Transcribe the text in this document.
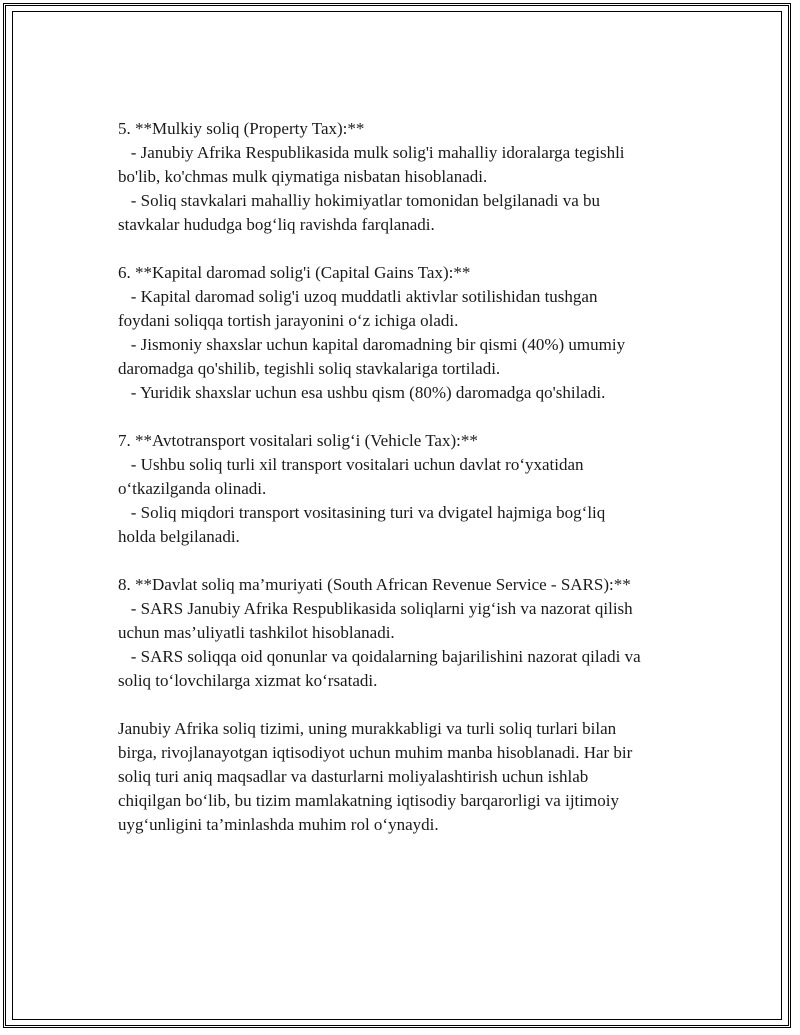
5. **Mulkiy soliq (Property Tax):**
- Janubiy Afrika Respublikasida mulk solig'i mahalliy idoralarga tegishli
bo'lib, ko'chmas mulk qiymatiga nisbatan hisoblanadi.
- Soliq stavkalari mahalliy hokimiyatlar tomonidan belgilanadi va bu
stavkalar hududga bog‘liq ravishda farqlanadi.
6. **Kapital daromad solig'i (Capital Gains Tax):**
- Kapital daromad solig'i uzoq muddatli aktivlar sotilishidan tushgan
foydani soliqqa tortish jarayonini o‘z ichiga oladi.
- Jismoniy shaxslar uchun kapital daromadning bir qismi (40%) umumiy
daromadga qo'shilib, tegishli soliq stavkalariga tortiladi.
- Yuridik shaxslar uchun esa ushbu qism (80%) daromadga qo'shiladi.
7. **Avtotransport vositalari solig‘i (Vehicle Tax):**
- Ushbu soliq turli xil transport vositalari uchun davlat ro‘yxatidan
o‘tkazilganda olinadi.
- Soliq miqdori transport vositasining turi va dvigatel hajmiga bog‘liq
holda belgilanadi.
8. **Davlat soliq ma’muriyati (South African Revenue Service - SARS):**
- SARS Janubiy Afrika Respublikasida soliqlarni yig‘ish va nazorat qilish
uchun mas’uliyatli tashkilot hisoblanadi.
- SARS soliqqa oid qonunlar va qoidalarning bajarilishini nazorat qiladi va
soliq to‘lovchilarga xizmat ko‘rsatadi.
Janubiy Afrika soliq tizimi, uning murakkabligi va turli soliq turlari bilan
birga, rivojlanayotgan iqtisodiyot uchun muhim manba hisoblanadi. Har bir
soliq turi aniq maqsadlar va dasturlarni moliyalashtirish uchun ishlab
chiqilgan bo‘lib, bu tizim mamlakatning iqtisodiy barqarorligi va ijtimoiy
uyg‘unligini ta’minlashda muhim rol o‘ynaydi.
